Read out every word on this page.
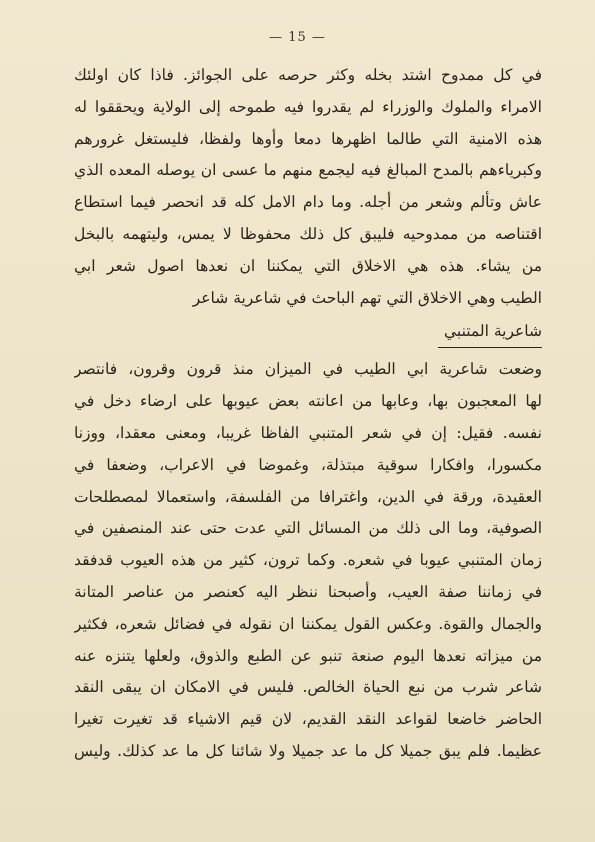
— 15 —
في كل ممدوح اشتد بخله وكثر حرصه على الجوائز. فاذا كان اولئك
الامراء والملوك والوزراء لم يقدروا فيه طموحه إلى الولاية ويحققوا له
هذه الامنية التي طالما اظهرها دمعا وأوها ولفظا، فليستغل غرورهم
وكبرياءهم بالمدح المبالغ فيه ليجمع منهم ما عسى ان يوصله المعده الذي
عاش وتألم وشعر من أجله. وما دام الامل كله قد انحصر فيما استطاع
اقتناصه من ممدوحيه فليبق كل ذلك محفوظا لا يمس، وليتهمه بالبخل
من يشاء. هذه هي الاخلاق التي يمكننا ان نعدها اصول شعر ابي
الطيب وهي الاخلاق التي تهم الباحث في شاعرية شاعر
شاعرية المتنبي
وضعت شاعرية ابي الطيب في الميزان منذ قرون وقرون، فانتصر
لها المعجبون بها، وعابها من اعانته بعض عيوبها على ارضاء دخل في
نفسه. فقيل: إن في شعر المتنبي الفاظا غريبا، ومعنى معقدا، ووزنا
مكسورا، وافكارا سوقية مبتذلة، وغموضا في الاعراب، وضعفا في
العقيدة، ورقة في الدين، واغترافا من الفلسفة، واستعمالا لمصطلحات
الصوفية، وما الى ذلك من المسائل التي عدت حتى عند المنصفين في
زمان المتنبي عيوبا في شعره. وكما ترون، كثير من هذه العيوب قدفقد
في زماننا صفة العيب، وأصبحنا ننظر اليه كعنصر من عناصر المتانة
والجمال والقوة. وعكس القول يمكننا ان نقوله في فضائل شعره، فكثير
من ميزاته نعدها اليوم صنعة تنبو عن الطبع والذوق، ولعلها يتنزه عنه
شاعر شرب من نبع الحياة الخالص. فليس في الامكان ان يبقى النقد
الحاضر خاضعا لقواعد النقد القديم، لان قيم الاشياء قد تغيرت تغيرا
عظيما. فلم يبق جميلا كل ما عد جميلا ولا شائنا كل ما عد كذلك. وليس
